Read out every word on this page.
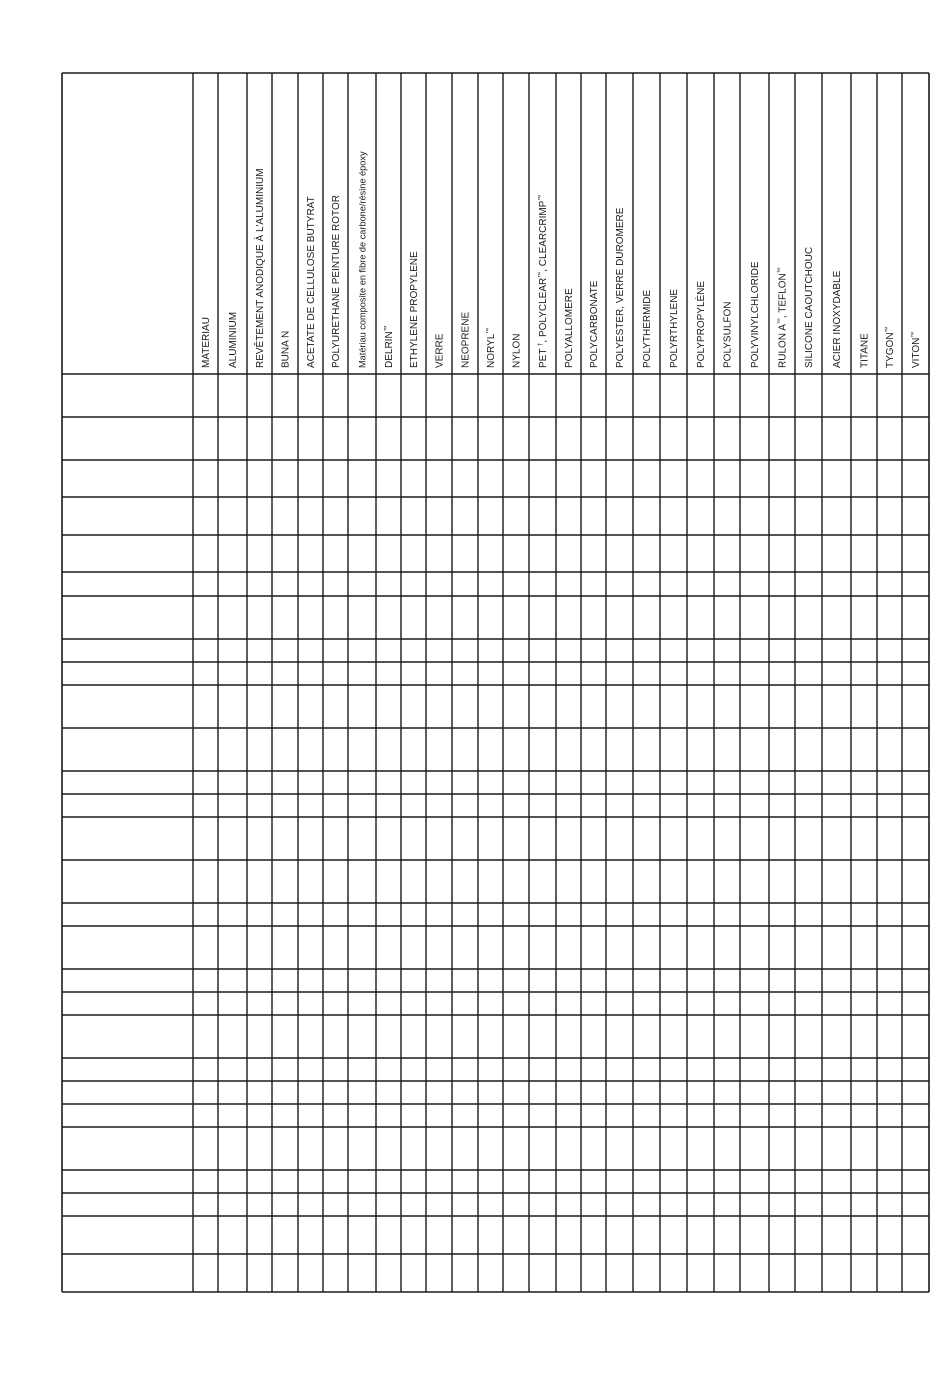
MATERIAU ALUMINIUM REVÊTEMENT ANODIQUE À L'ALUMINIUM BUNA N ACETATE DE CELLULOSE BUTYRAT POLYURETHANE PEINTURE ROTOR Matériau composite en fibre de carbone/résine époxy DELRIN™	ETHYLENE PROPYLENE VERRE NEOPRENE NORYL™
NYLON PET †, POLYCLEAR™, CLEARCRIMP™
POLYALLOMERE POLYCARBONATE POLYESTER, VERRE DUROMERE POLYTHERMIDE POLYRTHYLENE POLYPROPYLÈNE POLYSULFON POLYVINYLCHLORIDE RULON A™, TEFLON™	SILICONE CAOUTCHOUC ACIER INOXYDABLE TITANE TYGON™
VITON™
